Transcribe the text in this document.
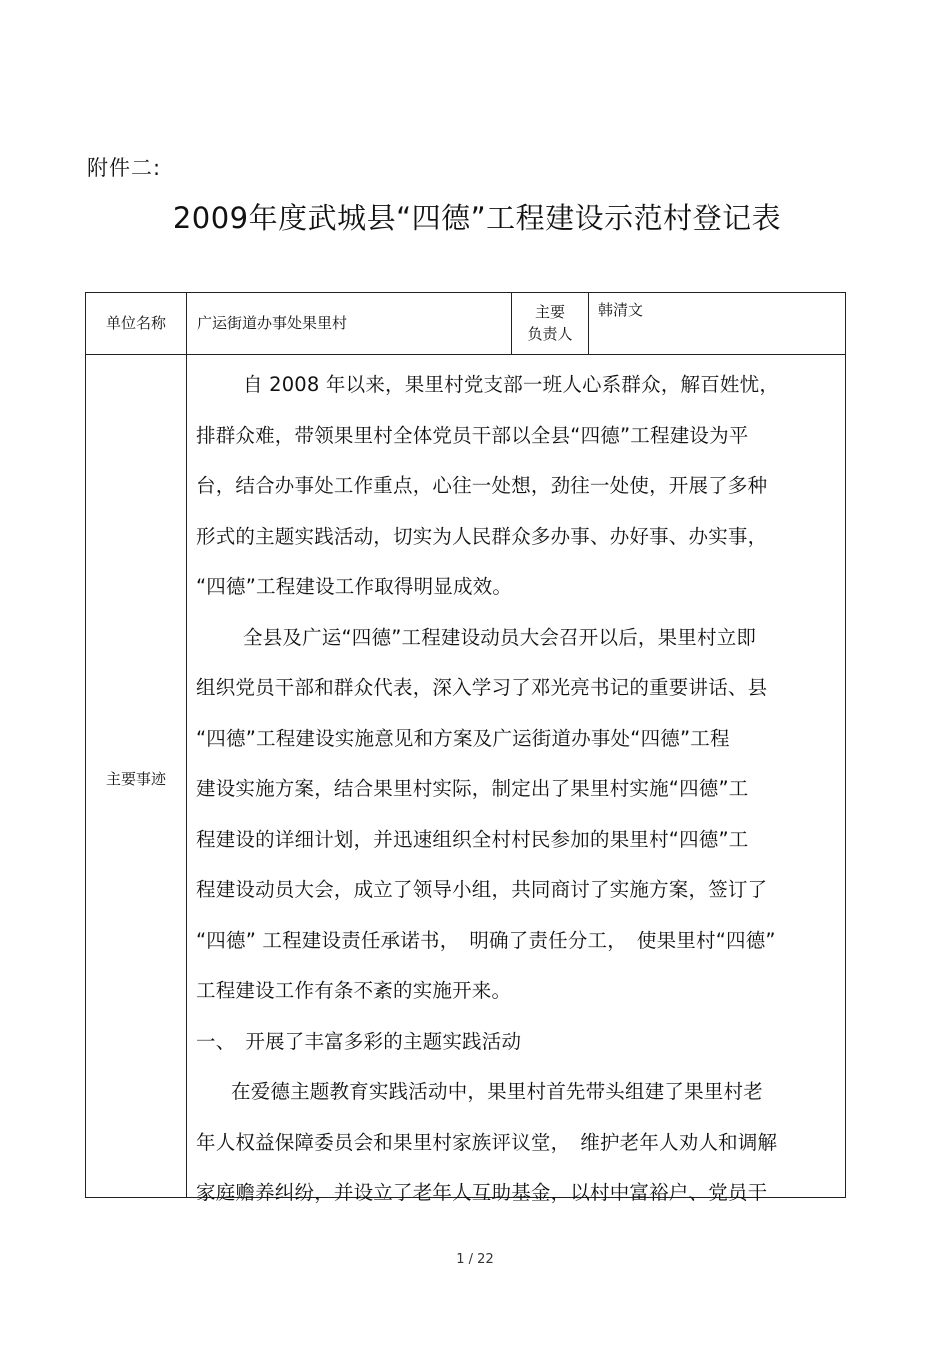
附件二:
2009年度武城县“四德”工程建设示范村登记表
单位名称	广运街道办事处果里村
主要
负责人
韩清文
主要事迹
自 2008 年以来，果里村党支部一班人心系群众，解百姓忧，
排群众难，带领果里村全体党员干部以全县“四德”工程建设为平
台，结合办事处工作重点，心往一处想，劲往一处使，开展了多种
形式的主题实践活动，切实为人民群众多办事、办好事、办实事，
“四德”工程建设工作取得明显成效。
全县及广运“四德”工程建设动员大会召开以后，果里村立即
组织党员干部和群众代表，深入学习了邓光亮书记的重要讲话、县
“四德”工程建设实施意见和方案及广运街道办事处“四德”工程
建设实施方案，结合果里村实际，制定出了果里村实施“四德”工
程建设的详细计划，并迅速组织全村村民参加的果里村“四德”工
程建设动员大会，成立了领导小组，共同商讨了实施方案，签订了
“四德” 工程建设责任承诺书，　明确了责任分工，　使果里村“四德”
工程建设工作有条不紊的实施开来。
一、　开展了丰富多彩的主题实践活动
在爱德主题教育实践活动中，果里村首先带头组建了果里村老
年人权益保障委员会和果里村家族评议堂，　维护老年人劝人和调解
家庭赡养纠纷，并设立了老年人互助基金，以村中富裕户、党员干
1 / 22
